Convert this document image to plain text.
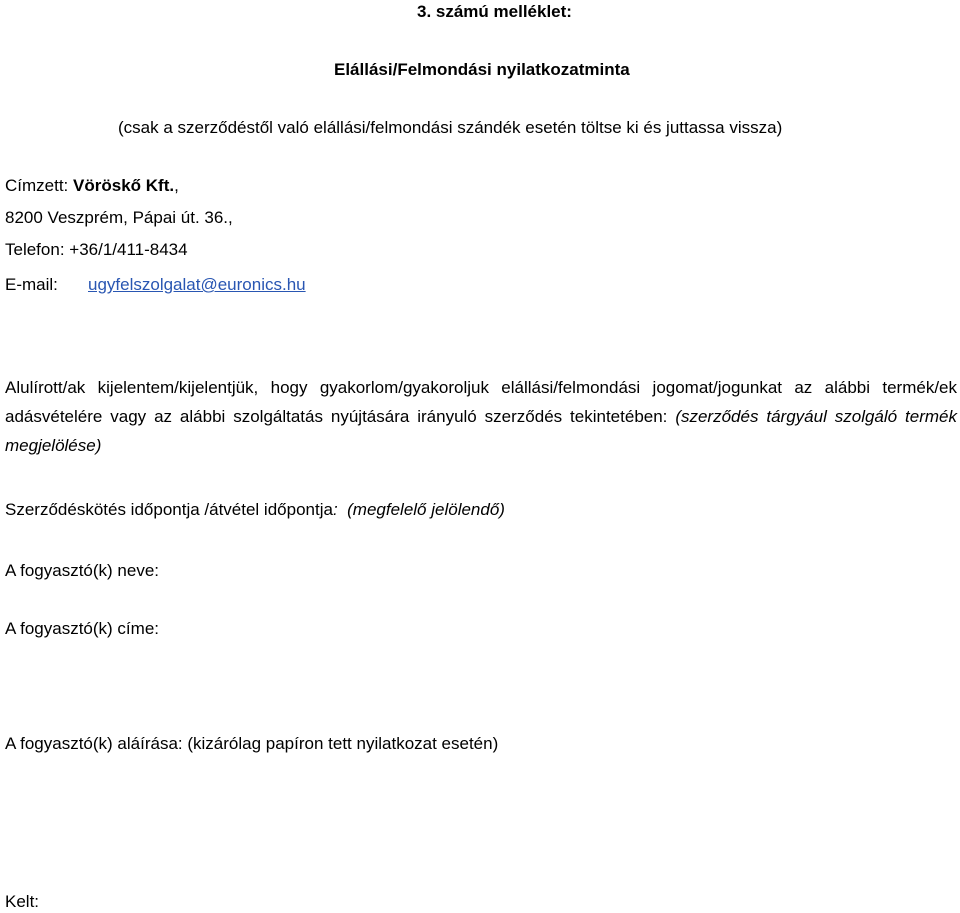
3. számú melléklet:
Elállási/Felmondási nyilatkozatminta
(csak a szerződéstől való elállási/felmondási szándék esetén töltse ki és juttassa vissza)
Címzett: Vöröskő Kft.,
8200 Veszprém, Pápai út. 36.,
Telefon: +36/1/411-8434
E-mail: ugyfelszolgalat@euronics.hu
Alulírott/ak kijelentem/kijelentjük, hogy gyakorlom/gyakoroljuk elállási/felmondási jogomat/jogunkat az alábbi termék/ek adásvételére vagy az alábbi szolgáltatás nyújtására irányuló szerződés tekintetében: (szerződés tárgyául szolgáló termék megjelölése)
Szerződéskötés időpontja /átvétel időpontja: (megfelelő jelölendő)
A fogyasztó(k) neve:
A fogyasztó(k) címe:
A fogyasztó(k) aláírása: (kizárólag papíron tett nyilatkozat esetén)
Kelt:
